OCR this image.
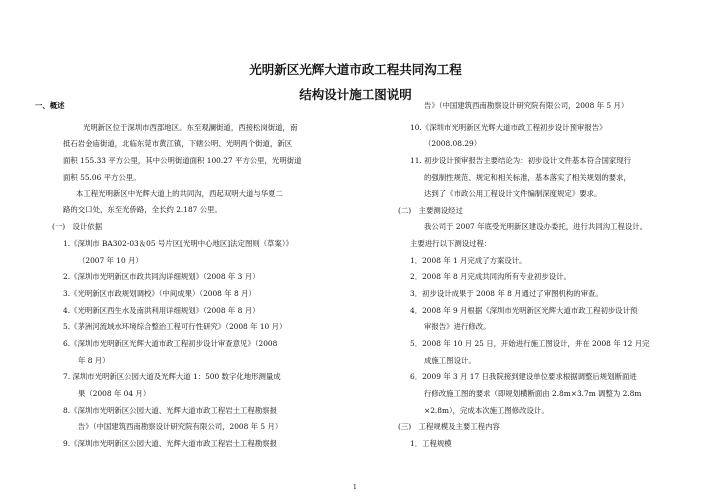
光明新区光辉大道市政工程共同沟工程
结构设计施工图说明
一、概述
光明新区位于深圳市西部地区。东至观澜街道，西接松岗街道，南
抵石岩金庙街道，北临东莞市黄江镇，下辖公明、光明两个街道，新区
面积 155.33 平方公里，其中公明街道面积 100.27 平方公里，光明街道
面积 55.06 平方公里。
本工程光明新区中光辉大道上的共同沟，西起双明大道与华夏二
路的交口处，东至光侨路，全长约 2.187 公里。
(一)　设计依据
1.《深圳市 BA302-03＆05 号片区[光明中心地区]法定图则（草案）》
（2007 年 10 月）
2.《深圳市光明新区市政共同沟详细规划》（2008 年 3 月）
3.《光明新区市政规划调校》（中间成果）（2008 年 8 月）
4.《光明新区西生水及南洪利用详细规划》（2008 年 8 月）
5.《茅洲河流域水环境综合整治工程可行性研究》（2008 年 10 月）
6.《深圳市光明新区光辉大道市政工程初步设计审查意见》（2008
年 8 月）
7. 深圳市光明新区公园大道及光辉大道 1：500 数字化地形测量成
果（2008 年 04 月）
8.《深圳市光明新区公园大道、光辉大道市政工程岩土工程勘察报
告》（中国建筑西南勘察设计研究院有限公司，2008 年 5 月）
9.《深圳市光明新区公园大道、光辉大道市政工程岩土工程勘察报
告》（中国建筑西南勘察设计研究院有限公司，2008 年 5 月）
10.《深圳市光明新区光辉大道市政工程初步设计预审报告》
（2008.08.29）
11. 初步设计预审报告主要结论为：初步设计文件基本符合国家现行
的强制性规范、规定和相关标准，基本落实了相关规划的要求，
达到了《市政公用工程设计文件编制深度规定》要求。
(二)　主要测设经过
我公司于 2007 年底受光明新区建设办委托，进行共同沟工程设计。
主要进行以下测设过程：
1．2008 年 1 月完成了方案设计。
2．2008 年 8 月完成共同沟所有专业初步设计。
3．初步设计成果于 2008 年 8 月通过了审图机构的审查。
4．2008 年 9 月根据《深圳市光明新区光辉大道市政工程初步设计预
审报告》进行修改。
5．2008 年 10 月 25 日，开始进行施工图设计，并在 2008 年 12 月完
成施工图设计。
6．2009 年 3 月 17 日我院接到建设单位要求根据调整后规划断面进
行修改施工图的要求（即规划横断面由 2.8m×3.7m 调整为 2.8m
×2.8m），完成本次施工图修改设计。
(三)　工程规模及主要工程内容
1．工程规模
1
